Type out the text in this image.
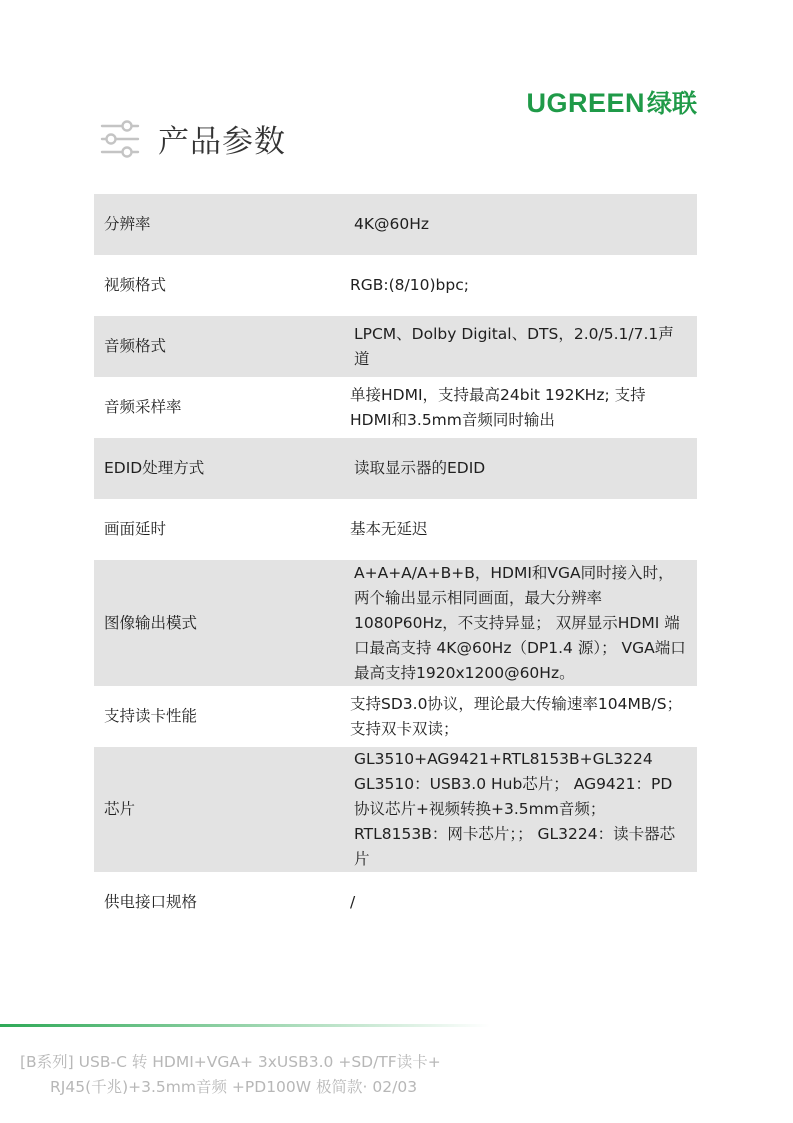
UGREEN 绿联
产品参数
分辨率	4K@60Hz
视频格式	RGB:(8/10)bpc;
音频格式	LPCM、Dolby Digital、DTS，2.0/5.1/7.1声道
音频采样率	单接HDMI，支持最高24bit 192KHz; 支持HDMI和3.5mm音频同时输出
EDID处理方式	读取显示器的EDID
画面延时	基本无延迟
图像输出模式	A+A+A/A+B+B，HDMI和VGA同时接入时，两个输出显示相同画面，最大分辨率1080P60Hz，不支持异显； 双屏显示HDMI 端口最高支持 4K@60Hz（DP1.4 源）； VGA端口最高支持1920x1200@60Hz。
支持读卡性能	支持SD3.0协议，理论最大传输速率104MB/S；支持双卡双读；
芯片	GL3510+AG9421+RTL8153B+GL3224 GL3510：USB3.0 Hub芯片； AG9421：PD协议芯片+视频转换+3.5mm音频； RTL8153B：网卡芯片；； GL3224：读卡器芯片
供电接口规格	/
[B系列] USB-C 转 HDMI+VGA+ 3xUSB3.0 +SD/TF读卡+
RJ45(千兆)+3.5mm音频 +PD100W 极简款· 02/03
